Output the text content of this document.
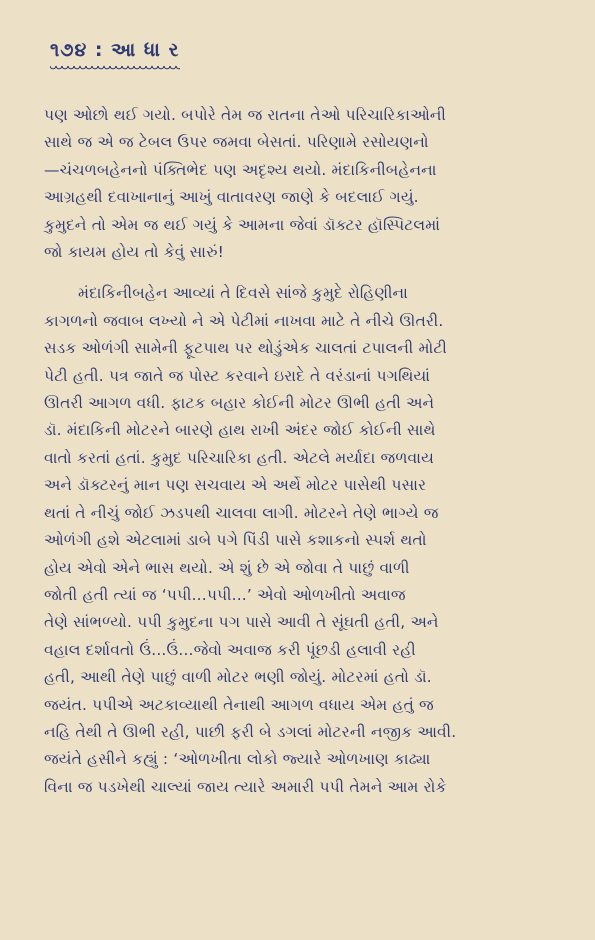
૧૭૪ : આ ધા ર

પણ ઓછો થઈ ગયો. બપોરે તેમ જ રાતના તેઓ પરિચારિકાઓની
સાથે જ એ જ ટેબલ ઉપર જમવા બેસતાં. પરિણામે રસોયણનો
—ચંચળબહેનનો પંક્તિભેદ પણ અદૃશ્ય થયો. મંદાકિનીબહેનના
આગ્રહથી દવાખાનાનું આખું વાતાવરણ જાણે કે બદલાઈ ગયું.
કુમુદને તો એમ જ થઈ ગયું કે આમના જેવાં ડૉક્ટર હૉસ્પિટલમાં
જો કાયમ હોય તો કેવું સારું!

મંદાકિનીબહેન આવ્યાં તે દિવસે સાંજે કુમુદે રોહિણીના
કાગળનો જવાબ લખ્યો ને એ પેટીમાં નાખવા માટે તે નીચે ઊતરી.
સડક ઓળંગી સામેની ફૂટપાથ પર થોડુંએક ચાલતાં ટપાલની મોટી
પેટી હતી. પત્ર જાતે જ પોસ્ટ કરવાને ઇરાદે તે વરંડાનાં પગથિયાં
ઊતરી આગળ વધી. ફાટક બહાર કોઈની મોટર ઊભી હતી અને
ડૉ. મંદાકિની મોટરને બારણે હાથ રાખી અંદર જોઈ કોઈની સાથે
વાતો કરતાં હતાં. કુમુદ પરિચારિકા હતી. એટલે મર્યાદા જળવાય
અને ડૉક્ટરનું માન પણ સચવાય એ અર્થે મોટર પાસેથી પસાર
થતાં તે નીચું જોઈ ઝડપથી ચાલવા લાગી. મોટરને તેણે ભાગ્યે જ
ઓળંગી હશે એટલામાં ડાબે પગે પિંડી પાસે કશાકનો સ્પર્શ થતો
હોય એવો એને ભાસ થયો. એ શું છે એ જોવા તે પાછું વાળી
જોતી હતી ત્યાં જ ‘પપી...પપી...’ એવો ઓળખીતો અવાજ
તેણે સાંભળ્યો. પપી કુમુદના પગ પાસે આવી તે સૂંઘતી હતી, અને
વહાલ દર્શાવતો ઉં...ઉં...જેવો અવાજ કરી પૂંછડી હલાવી રહી
હતી, આથી તેણે પાછું વાળી મોટર ભણી જોયું. મોટરમાં હતો ડૉ.
જયંત. પપીએ અટકાવ્યાથી તેનાથી આગળ વધાય એમ હતું જ
નહિ તેથી તે ઊભી રહી, પાછી ફરી બે ડગલાં મોટરની નજીક આવી.
જયંતે હસીને કહ્યું : ‘ઓળખીતા લોકો જ્યારે ઓળખાણ કાઢ્યા
વિના જ પડખેથી ચાલ્યાં જાય ત્યારે અમારી પપી તેમને આમ રોકે
